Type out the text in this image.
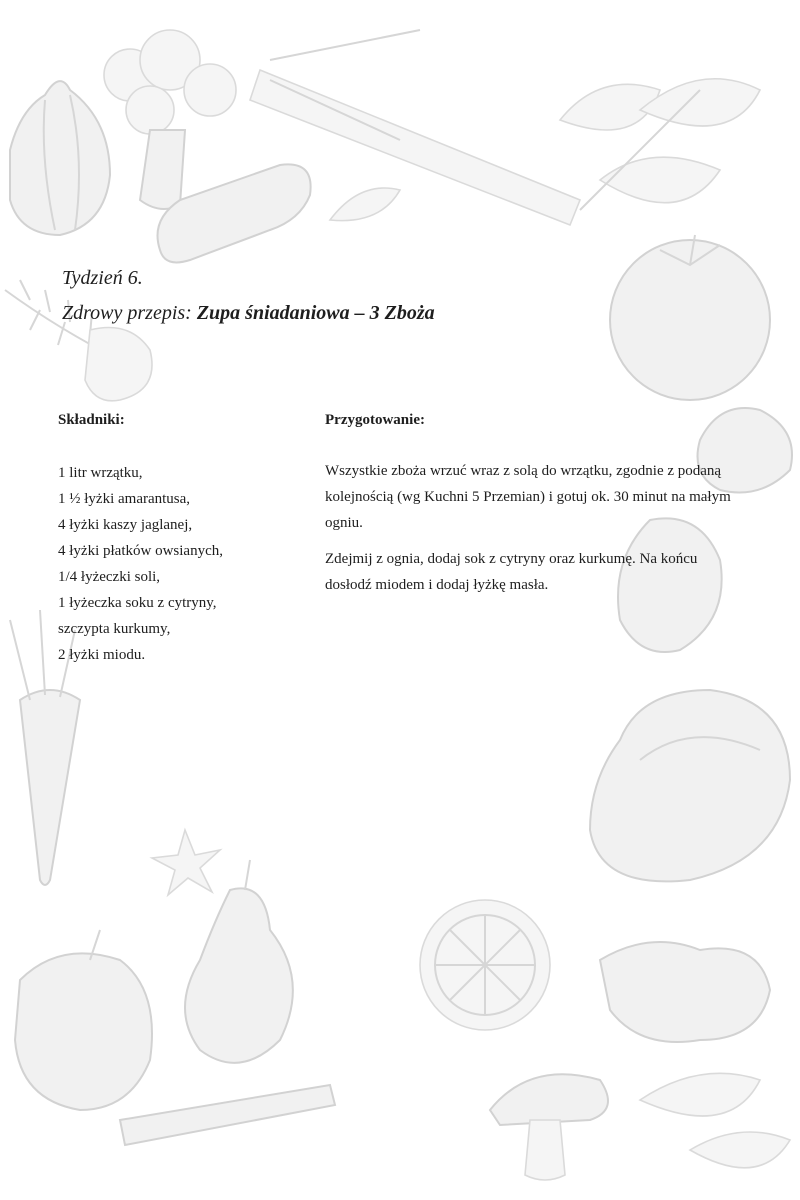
Tydzień 6.
Zdrowy przepis: Zupa śniadaniowa – 3 Zboża
Składniki:
1 litr wrzątku,
1 ½ łyżki amarantusa,
4 łyżki kaszy jaglanej,
4 łyżki płatków owsianych,
1/4 łyżeczki soli,
1 łyżeczka soku z cytryny,
szczypta kurkumy,
2 łyżki miodu.
Przygotowanie:

Wszystkie zboża wrzuć wraz z solą do wrzątku, zgodnie z podaną kolejnością (wg Kuchni 5 Przemian) i gotuj ok. 30 minut na małym ogniu.

Zdejmij z ognia, dodaj sok z cytryny oraz kurkumę. Na końcu dosłodź miodem i dodaj łyżkę masła.
